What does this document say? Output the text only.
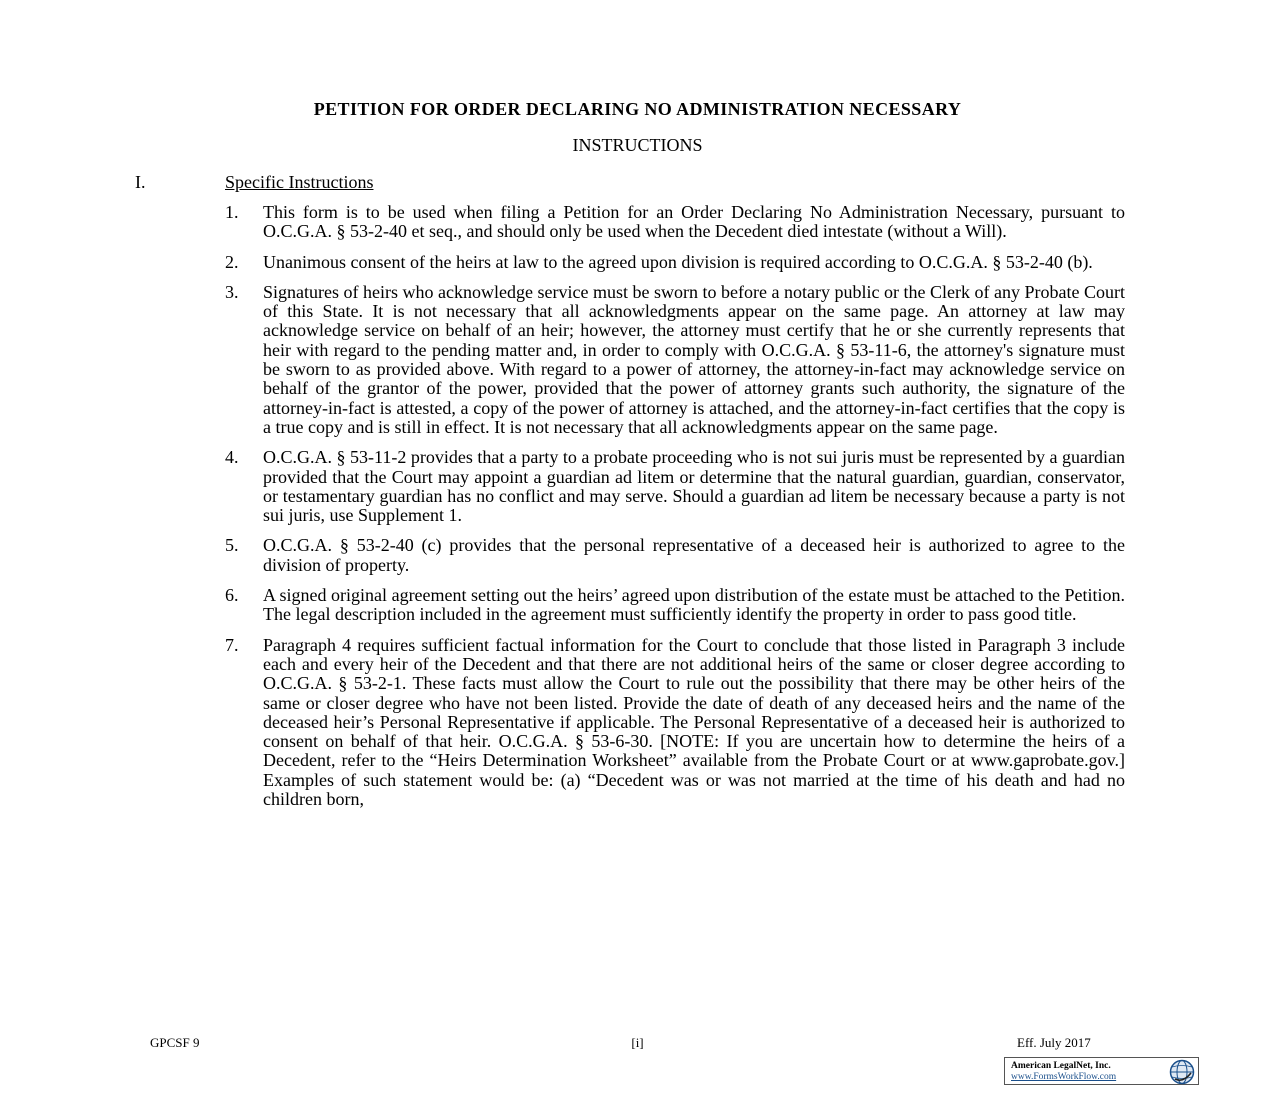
PETITION FOR ORDER DECLARING NO ADMINISTRATION NECESSARY
INSTRUCTIONS
I.	Specific Instructions
1.	This form is to be used when filing a Petition for an Order Declaring No Administration Necessary, pursuant to O.C.G.A. § 53-2-40 et seq., and should only be used when the Decedent died intestate (without a Will).
2.	Unanimous consent of the heirs at law to the agreed upon division is required according to O.C.G.A. § 53-2-40 (b).
3.	Signatures of heirs who acknowledge service must be sworn to before a notary public or the Clerk of any Probate Court of this State. It is not necessary that all acknowledgments appear on the same page. An attorney at law may acknowledge service on behalf of an heir; however, the attorney must certify that he or she currently represents that heir with regard to the pending matter and, in order to comply with O.C.G.A. § 53-11-6, the attorney's signature must be sworn to as provided above. With regard to a power of attorney, the attorney-in-fact may acknowledge service on behalf of the grantor of the power, provided that the power of attorney grants such authority, the signature of the attorney-in-fact is attested, a copy of the power of attorney is attached, and the attorney-in-fact certifies that the copy is a true copy and is still in effect. It is not necessary that all acknowledgments appear on the same page.
4.	O.C.G.A. § 53-11-2 provides that a party to a probate proceeding who is not sui juris must be represented by a guardian provided that the Court may appoint a guardian ad litem or determine that the natural guardian, guardian, conservator, or testamentary guardian has no conflict and may serve. Should a guardian ad litem be necessary because a party is not sui juris, use Supplement 1.
5.	O.C.G.A. § 53-2-40 (c) provides that the personal representative of a deceased heir is authorized to agree to the division of property.
6.	A signed original agreement setting out the heirs’ agreed upon distribution of the estate must be attached to the Petition. The legal description included in the agreement must sufficiently identify the property in order to pass good title.
7.	Paragraph 4 requires sufficient factual information for the Court to conclude that those listed in Paragraph 3 include each and every heir of the Decedent and that there are not additional heirs of the same or closer degree according to O.C.G.A. § 53-2-1. These facts must allow the Court to rule out the possibility that there may be other heirs of the same or closer degree who have not been listed. Provide the date of death of any deceased heirs and the name of the deceased heir’s Personal Representative if applicable. The Personal Representative of a deceased heir is authorized to consent on behalf of that heir. O.C.G.A. § 53-6-30. [NOTE: If you are uncertain how to determine the heirs of a Decedent, refer to the “Heirs Determination Worksheet” available from the Probate Court or at www.gaprobate.gov.] Examples of such statement would be: (a) “Decedent was or was not married at the time of his death and had no children born,
GPCSF 9	[i]	Eff. July 2017
American LegalNet, Inc.
www.FormsWorkFlow.com
